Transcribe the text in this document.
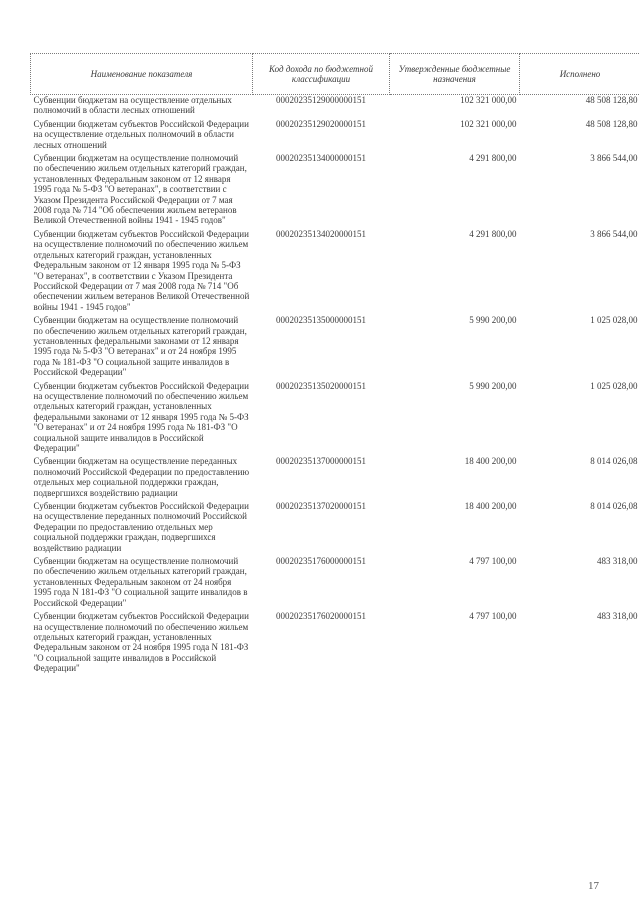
Наименование показателя	Код дохода по бюджетной классификации	Утвержденные бюджетные назначения	Исполнено

Субвенции бюджетам на осуществление отдельных полномочий в области лесных отношений	00020235129000000151	102 321 000,00	48 508 128,80

Субвенции бюджетам субъектов Российской Федерации на осуществление отдельных полномочий в области лесных отношений	00020235129020000151	102 321 000,00	48 508 128,80

Субвенции бюджетам на осуществление полномочий по обеспечению жильем отдельных категорий граждан, установленных Федеральным законом от 12 января 1995 года № 5-ФЗ "О ветеранах", в соответствии с Указом Президента Российской Федерации от 7 мая 2008 года № 714 "Об обеспечении жильем ветеранов Великой Отечественной войны 1941 - 1945 годов"	00020235134000000151	4 291 800,00	3 866 544,00

Субвенции бюджетам субъектов Российской Федерации на осуществление полномочий по обеспечению жильем отдельных категорий граждан, установленных Федеральным законом от 12 января 1995 года № 5-ФЗ "О ветеранах", в соответствии с Указом Президента Российской Федерации от 7 мая 2008 года № 714 "Об обеспечении жильем ветеранов Великой Отечественной войны 1941 - 1945 годов"	00020235134020000151	4 291 800,00	3 866 544,00

Субвенции бюджетам на осуществление полномочий по обеспечению жильем отдельных категорий граждан, установленных федеральными законами от 12 января 1995 года № 5-ФЗ "О ветеранах" и от 24 ноября 1995 года № 181-ФЗ "О социальной защите инвалидов в Российской Федерации"	00020235135000000151	5 990 200,00	1 025 028,00

Субвенции бюджетам субъектов Российской Федерации на осуществление полномочий по обеспечению жильем отдельных категорий граждан, установленных федеральными законами от 12 января 1995 года № 5-ФЗ "О ветеранах" и от 24 ноября 1995 года № 181-ФЗ "О социальной защите инвалидов в Российской Федерации"	00020235135020000151	5 990 200,00	1 025 028,00

Субвенции бюджетам на осуществление переданных полномочий Российской Федерации по предоставлению отдельных мер социальной поддержки граждан, подвергшихся воздействию радиации	00020235137000000151	18 400 200,00	8 014 026,08

Субвенции бюджетам субъектов Российской Федерации на осуществление переданных полномочий Российской Федерации по предоставлению отдельных мер социальной поддержки граждан, подвергшихся воздействию радиации	00020235137020000151	18 400 200,00	8 014 026,08

Субвенции бюджетам на осуществление полномочий по обеспечению жильем отдельных категорий граждан, установленных Федеральным законом от 24 ноября 1995 года N 181-ФЗ "О социальной защите инвалидов в Российской Федерации"	00020235176000000151	4 797 100,00	483 318,00

Субвенции бюджетам субъектов Российской Федерации на осуществление полномочий по обеспечению жильем отдельных категорий граждан, установленных Федеральным законом от 24 ноября 1995 года N 181-ФЗ "О социальной защите инвалидов в Российской Федерации"	00020235176020000151	4 797 100,00	483 318,00
17
